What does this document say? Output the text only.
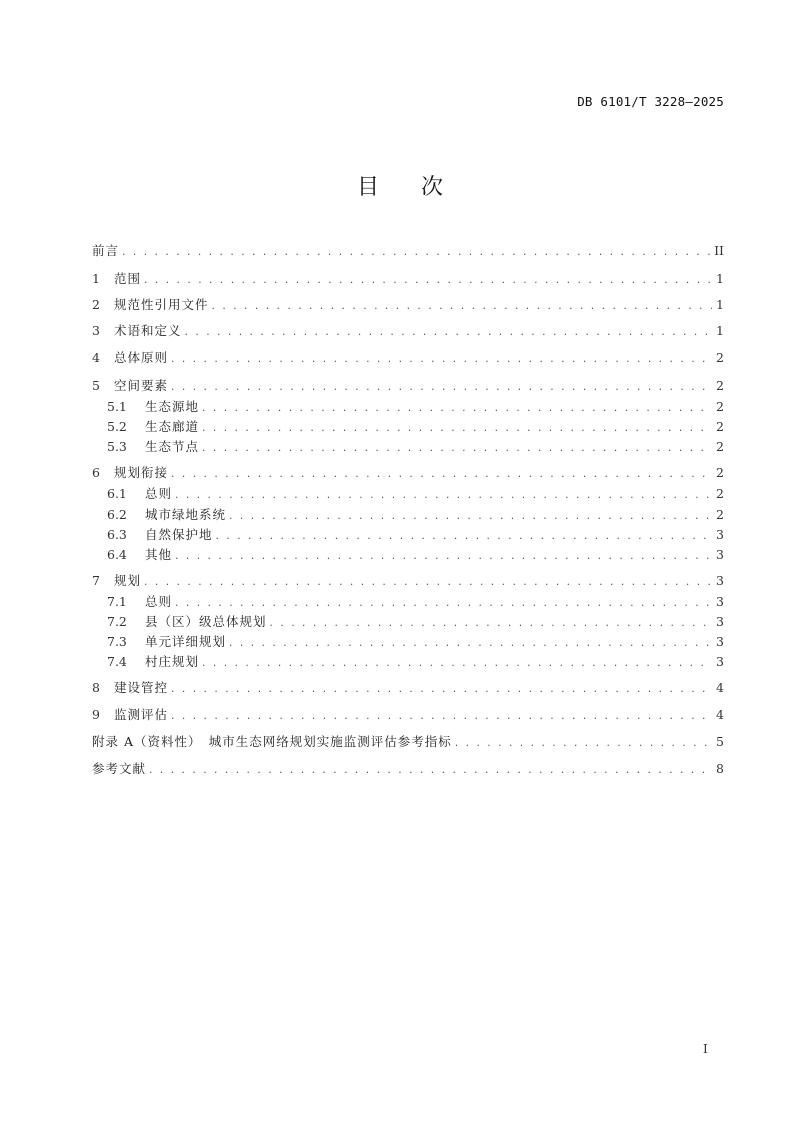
DB 6101/T 3228—2025
目 次
前言 . . .	II
1	范围 . . .	1
2	规范性引用文件 . . .	1
3	术语和定义 . . .	1
4	总体原则 . . .	2
5	空间要素 . . .	2
5.1	生态源地 . . .	2
5.2	生态廊道 . . .	2
5.3	生态节点 . . .	2
6	规划衔接 . . .	2
6.1	总则 . . .	2
6.2	城市绿地系统 . . .	2
6.3	自然保护地 . . .	3
6.4	其他 . . .	3
7	规划 . . .	3
7.1	总则 . . .	3
7.2	县（区）级总体规划 . . .	3
7.3	单元详细规划 . . .	3
7.4	村庄规划 . . .	3
8	建设管控 . . .	4
9	监测评估 . . .	4
附录 A（资料性）　城市生态网络规划实施监测评估参考指标 . . .	5
参考文献 . . .	8
I
